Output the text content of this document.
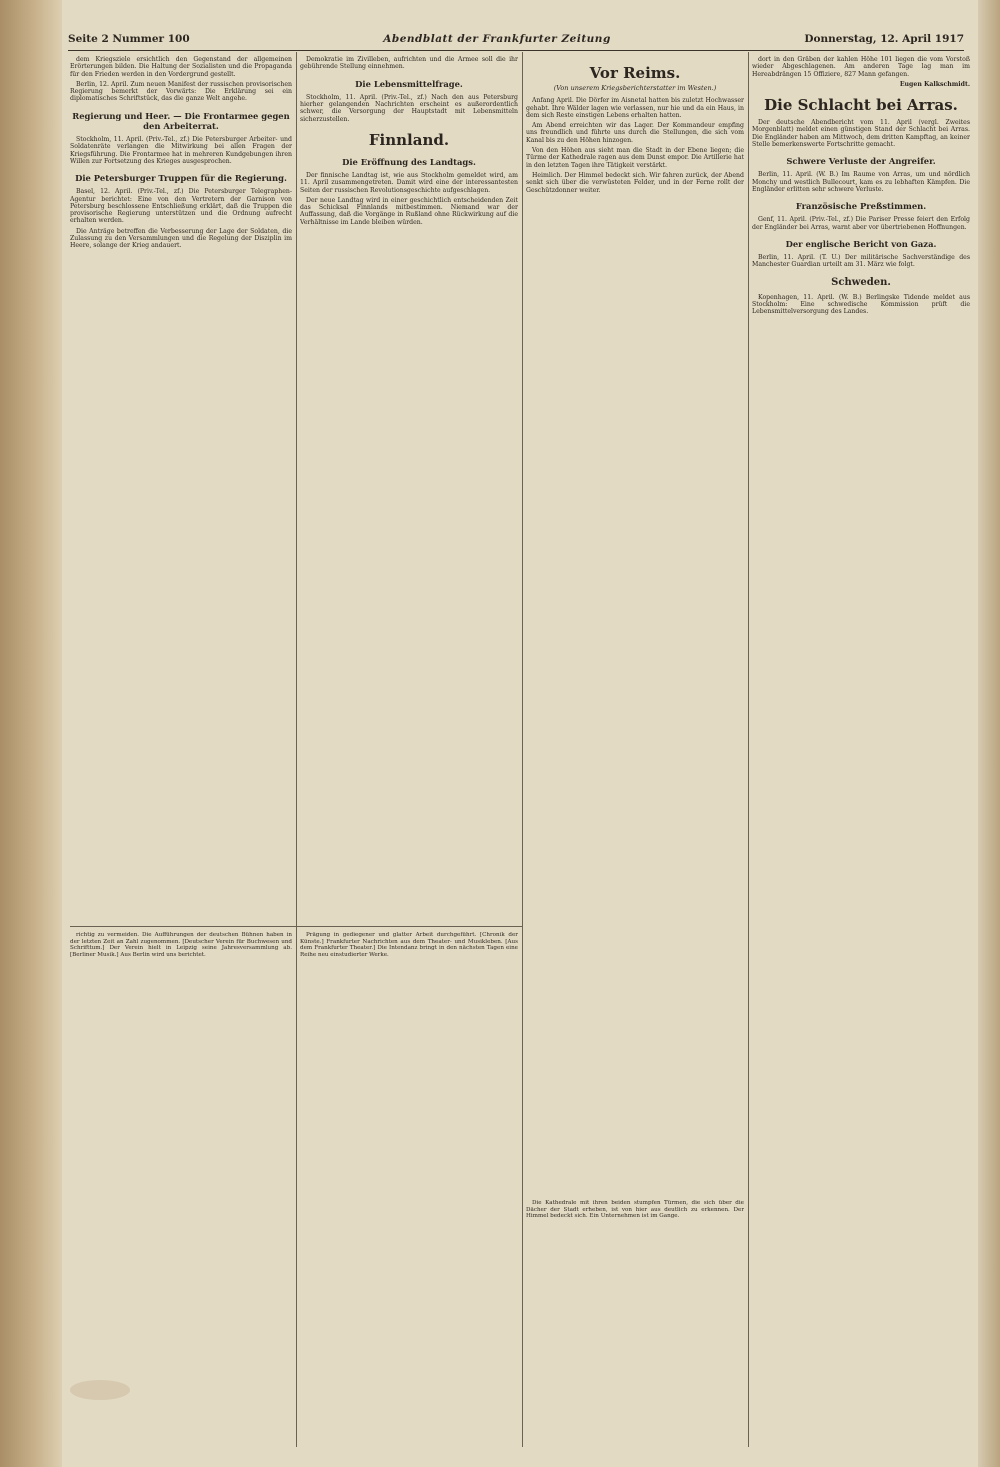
Seite 2 Nummer 100	Abendblatt der Frankfurter Zeitung	Donnerstag, 12. April 1917

dem Kriegsziele ersichtlich den Gegenstand der allgemeinen Erörterungen bilden. Die Haltung der Sozialisten und die Propaganda für den Frieden werden in den Vordergrund gestellt.

Berlin, 12. April. Zum neuen Manifest der russischen provisorischen Regierung bemerkt der Vorwärts: Die Erklärung sei ein diplomatisches Schriftstück, das die ganze Welt angehe.

Regierung und Heer. — Die Frontarmee gegen den Arbeiterrat.

Stockholm, 11. April. (Priv.-Tel., zf.) Die Petersburger Arbeiter- und Soldatenräte verlangen die Mitwirkung bei allen Fragen der Kriegsführung. Die Frontarmee hat in mehreren Kundgebungen ihren Willen zur Fortsetzung des Krieges ausgesprochen.

Die Petersburger Truppen für die Regierung.

Basel, 12. April. (Priv.-Tel., zf.) Die Petersburger Telegraphen-Agentur berichtet: Eine von den Vertretern der Garnison von Petersburg beschlossene Entschließung erklärt, daß die Truppen die provisorische Regierung unterstützen und die Ordnung aufrecht erhalten werden.

Die Anträge betreffen die Verbesserung der Lage der Soldaten, die Zulassung zu den Versammlungen und die Regelung der Disziplin im Heere, solange der Krieg andauert.

Demokratie im Zivilleben, aufrichten und die Armee soll die ihr gebührende Stellung einnehmen.

Die Lebensmittelfrage.

Stockholm, 11. April. (Priv.-Tel., zf.) Nach den aus Petersburg hierher gelangenden Nachrichten erscheint es außerordentlich schwer, die Versorgung der Hauptstadt mit Lebensmitteln sicherzustellen.

Finnland.
Die Eröffnung des Landtags.

Der finnische Landtag ist, wie aus Stockholm gemeldet wird, am 11. April zusammengetreten. Damit wird eine der interessantesten Seiten der russischen Revolutionsgeschichte aufgeschlagen.

Der neue Landtag wird in einer geschichtlich entscheidenden Zeit das Schicksal Finnlands mitbestimmen. Niemand war der Auffassung, daß die Vorgänge in Rußland ohne Rückwirkung auf die Verhältnisse im Lande bleiben würden.

Vor Reims.
(Von unserem Kriegsberichterstatter im Westen.)

Anfang April. Die Dörfer im Aisnetal hatten bis zuletzt Hochwasser gehabt. Ihre Wälder lagen wie verlassen, nur hie und da ein Haus, in dem sich Reste einstigen Lebens erhalten hatten.

Am Abend erreichten wir das Lager. Der Kommandeur empfing uns freundlich und führte uns durch die Stellungen, die sich vom Kanal bis zu den Höhen hinzogen.

Von den Höhen aus sieht man die Stadt in der Ebene liegen; die Türme der Kathedrale ragen aus dem Dunst empor. Die Artillerie hat in den letzten Tagen ihre Tätigkeit verstärkt.

Heimlich. Der Himmel bedeckt sich. Wir fahren zurück, der Abend senkt sich über die verwüsteten Felder, und in der Ferne rollt der Geschützdonner weiter.

dort in den Gräben der kahlen Höhe 101 liegen die vom Vorstoß wieder Abgeschlagenen. Am anderen Tage lag man im Hereabdrängen 15 Offiziere, 827 Mann gefangen.

Eugen Kalkschmidt.

Die Schlacht bei Arras.

Der deutsche Abendbericht vom 11. April (vergl. Zweites Morgenblatt) meldet einen günstigen Stand der Schlacht bei Arras. Die Engländer haben am Mittwoch, dem dritten Kampftag, an keiner Stelle bemerkenswerte Fortschritte gemacht.

Schwere Verluste der Angreifer.

Berlin, 11. April. (W. B.) Im Raume von Arras, um und nördlich Monchy und westlich Bullecourt, kam es zu lebhaften Kämpfen. Die Engländer erlitten sehr schwere Verluste.

Französische Preßstimmen.

Genf, 11. April. (Priv.-Tel., zf.) Die Pariser Presse feiert den Erfolg der Engländer bei Arras, warnt aber vor übertriebenen Hoffnungen.

Der englische Bericht von Gaza.

Berlin, 11. April. (T. U.) Der militärische Sachverständige des Manchester Guardian urteilt am 31. März wie folgt.

Schweden.

Kopenhagen, 11. April. (W. B.) Berlingske Tidende meldet aus Stockholm: Eine schwedische Kommission prüft die Lebensmittelversorgung des Landes.

richtig zu vermeiden. Die Aufführungen der deutschen Bühnen haben in der letzten Zeit an Zahl zugenommen. [Deutscher Verein für Buchwesen und Schrifttum.] Der Verein hielt in Leipzig seine Jahresversammlung ab. [Berliner Musik.] Aus Berlin wird uns berichtet.

Prägung in gediegener und glatter Arbeit durchgeführt. [Chronik der Künste.] Frankfurter Nachrichten aus dem Theater- und Musikleben. [Aus dem Frankfurter Theater.] Die Intendanz bringt in den nächsten Tagen eine Reihe neu einstudierter Werke.

Die Kathedrale mit ihren beiden stumpfen Türmen, die sich über die Dächer der Stadt erheben, ist von hier aus deutlich zu erkennen. Der Himmel bedeckt sich. Ein Unternehmen ist im Gange.
